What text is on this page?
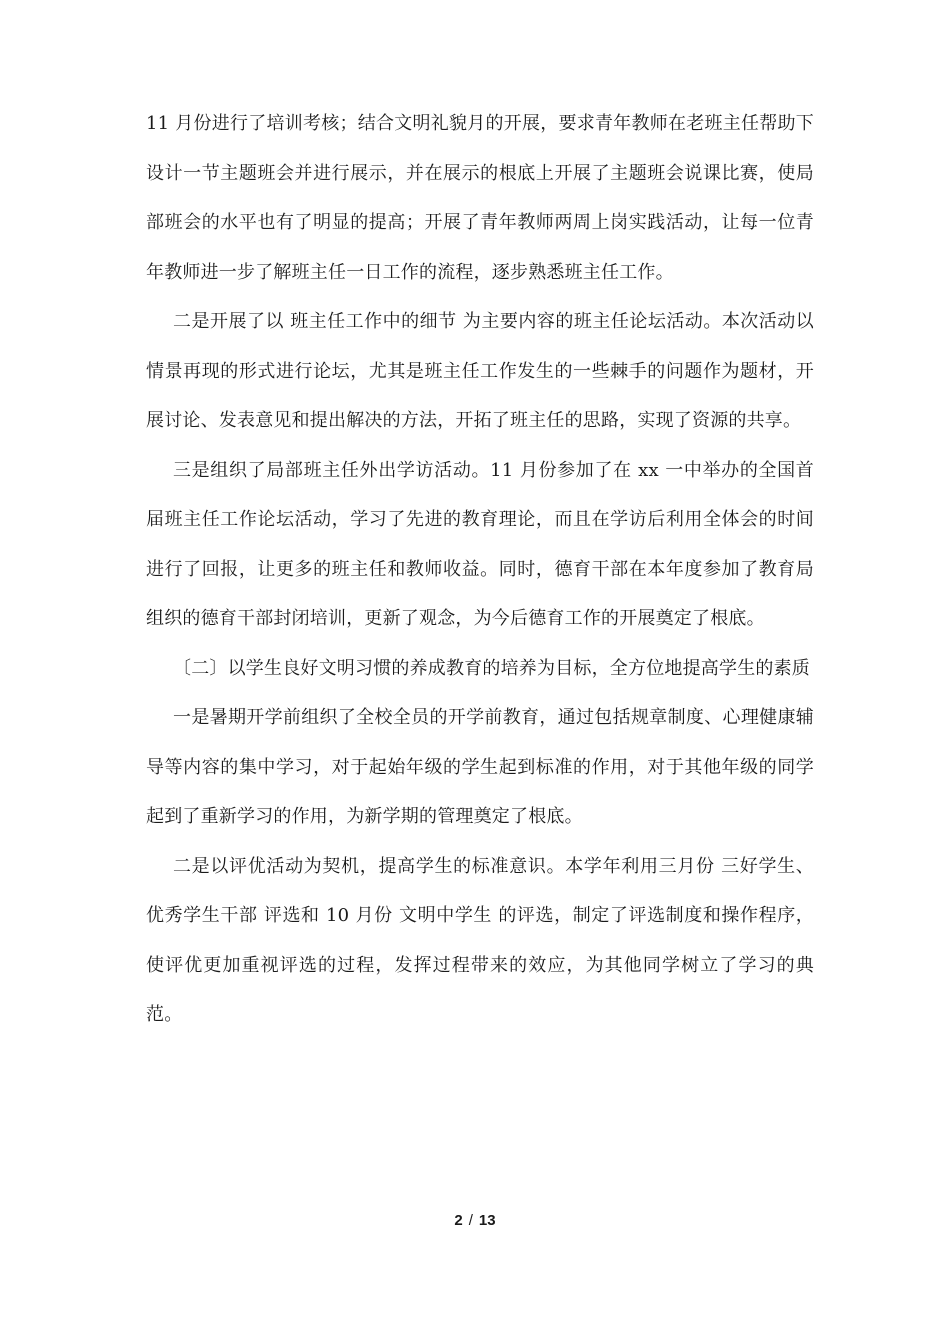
11 月份进行了培训考核；结合文明礼貌月的开展，要求青年教师在老班主任帮助下设计一节主题班会并进行展示，并在展示的根底上开展了主题班会说课比赛，使局部班会的水平也有了明显的提高；开展了青年教师两周上岗实践活动，让每一位青年教师进一步了解班主任一日工作的流程，逐步熟悉班主任工作。

二是开展了以 班主任工作中的细节 为主要内容的班主任论坛活动。本次活动以情景再现的形式进行论坛，尤其是班主任工作发生的一些棘手的问题作为题材，开展讨论、发表意见和提出解决的方法，开拓了班主任的思路，实现了资源的共享。

三是组织了局部班主任外出学访活动。11 月份参加了在 xx 一中举办的全国首届班主任工作论坛活动，学习了先进的教育理论，而且在学访后利用全体会的时间进行了回报，让更多的班主任和教师收益。同时，德育干部在本年度参加了教育局组织的德育干部封闭培训，更新了观念，为今后德育工作的开展奠定了根底。

〔二〕以学生良好文明习惯的养成教育的培养为目标，全方位地提高学生的素质

一是暑期开学前组织了全校全员的开学前教育，通过包括规章制度、心理健康辅导等内容的集中学习，对于起始年级的学生起到标准的作用，对于其他年级的同学起到了重新学习的作用，为新学期的管理奠定了根底。

二是以评优活动为契机，提高学生的标准意识。本学年利用三月份 三好学生、优秀学生干部 评选和 10 月份 文明中学生 的评选，制定了评选制度和操作程序，使评优更加重视评选的过程，发挥过程带来的效应，为其他同学树立了学习的典范。

2 / 13
